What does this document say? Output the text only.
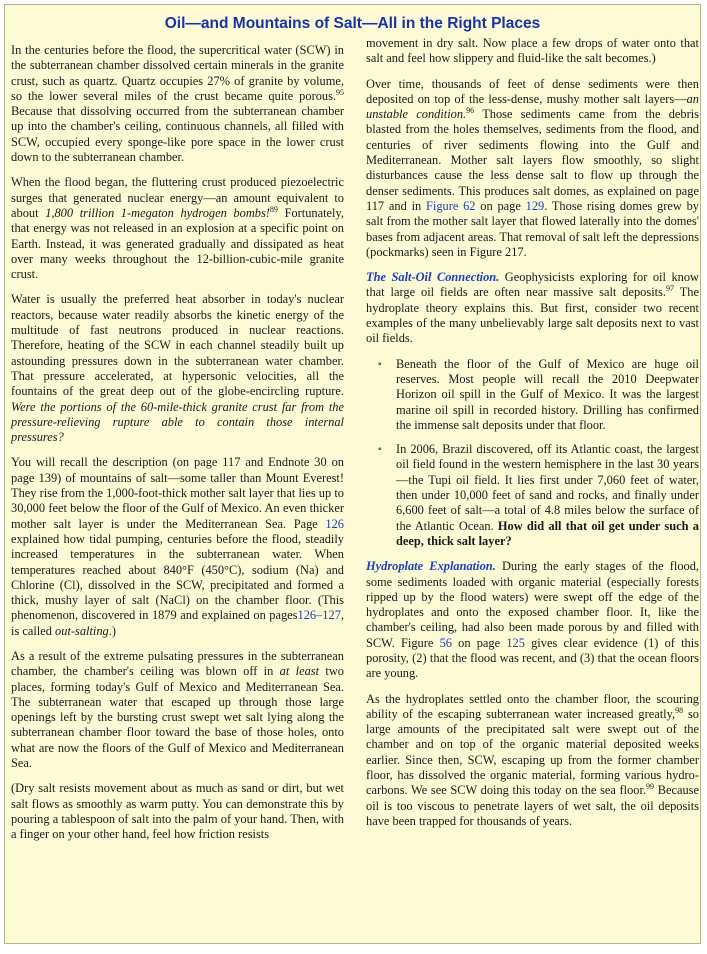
Oil—and Mountains of Salt—All in the Right Places

In the centuries before the flood, the supercritical water (SCW) in the subterranean chamber dissolved certain minerals in the granite crust, such as quartz. Quartz occupies 27% of granite by volume, so the lower several miles of the crust became quite porous.$^{95}$ Because that dissolving occurred from the subterranean chamber up into the chamber's ceiling, continuous channels, all filled with SCW, occupied every sponge-like pore space in the lower crust down to the subterranean chamber.

When the flood began, the fluttering crust produced piezoelectric surges that generated nuclear energy—an amount equivalent to about 1,800 trillion 1-megaton hydrogen bombs!$^{89}$ Fortunately, that energy was not released in an explosion at a specific point on Earth. Instead, it was generated gradually and dissipated as heat over many weeks throughout the 12-billion-cubic-mile granite crust.

Water is usually the preferred heat absorber in today's nuclear reactors, because water readily absorbs the kinetic energy of the multitude of fast neutrons produced in nuclear reactions. Therefore, heating of the SCW in each channel steadily built up astounding pressures down in the subterranean water chamber. That pressure accelerated, at hypersonic velocities, all the fountains of the great deep out of the globe-encircling rupture. Were the portions of the 60-mile-thick granite crust far from the pressure-relieving rupture able to contain those internal pressures?

You will recall the description (on page 117 and Endnote 30 on page 139) of mountains of salt—some taller than Mount Everest! They rise from the 1,000-foot-thick mother salt layer that lies up to 30,000 feet below the floor of the Gulf of Mexico. An even thicker mother salt layer is under the Mediterranean Sea. Page 126 explained how tidal pumping, centuries before the flood, steadily increased temperatures in the subterranean water. When temperatures reached about 840°F (450°C), sodium (Na) and Chlorine (Cl), dissolved in the SCW, precipitated and formed a thick, mushy layer of salt (NaCl) on the chamber floor. (This phenomenon, discovered in 1879 and explained on pages126–127, is called out-salting.)

As a result of the extreme pulsating pressures in the subterranean chamber, the chamber's ceiling was blown off in at least two places, forming today's Gulf of Mexico and Mediterranean Sea. The subterranean water that escaped up through those large openings left by the bursting crust swept wet salt lying along the subterranean chamber floor toward the base of those holes, onto what are now the floors of the Gulf of Mexico and Mediterranean Sea.

(Dry salt resists movement about as much as sand or dirt, but wet salt flows as smoothly as warm putty. You can demonstrate this by pouring a tablespoon of salt into the palm of your hand. Then, with a finger on your other hand, feel how friction resists

movement in dry salt. Now place a few drops of water onto that salt and feel how slippery and fluid-like the salt becomes.)

Over time, thousands of feet of dense sediments were then deposited on top of the less-dense, mushy mother salt layers—an unstable condition.$^{96}$ Those sediments came from the debris blasted from the holes themselves, sediments from the flood, and centuries of river sediments flowing into the Gulf and Mediterranean. Mother salt layers flow smoothly, so slight disturbances cause the less dense salt to flow up through the denser sediments. This produces salt domes, as explained on page 117 and in Figure 62 on page 129. Those rising domes grew by salt from the mother salt layer that flowed laterally into the domes' bases from adjacent areas. That removal of salt left the depressions (pockmarks) seen in Figure 217.

The Salt-Oil Connection. Geophysicists exploring for oil know that large oil fields are often near massive salt deposits.$^{97}$ The hydroplate theory explains this. But first, consider two recent examples of the many unbelievably large salt deposits next to vast oil fields.

▪ Beneath the floor of the Gulf of Mexico are huge oil reserves. Most people will recall the 2010 Deepwater Horizon oil spill in the Gulf of Mexico. It was the largest marine oil spill in recorded history. Drilling has confirmed the immense salt deposits under that floor.
▪ In 2006, Brazil discovered, off its Atlantic coast, the largest oil field found in the western hemisphere in the last 30 years—the Tupi oil field. It lies first under 7,060 feet of water, then under 10,000 feet of sand and rocks, and finally under 6,600 feet of salt—a total of 4.8 miles below the surface of the Atlantic Ocean. How did all that oil get under such a deep, thick salt layer?

Hydroplate Explanation. During the early stages of the flood, some sediments loaded with organic material (especially forests ripped up by the flood waters) were swept off the edge of the hydroplates and onto the exposed chamber floor. It, like the chamber's ceiling, had also been made porous by and filled with SCW. Figure 56 on page 125 gives clear evidence (1) of this porosity, (2) that the flood was recent, and (3) that the ocean floors are young.

As the hydroplates settled onto the chamber floor, the scouring ability of the escaping subterranean water increased greatly,$^{98}$ so large amounts of the precipitated salt were swept out of the chamber and on top of the organic material deposited weeks earlier. Since then, SCW, escaping up from the former chamber floor, has dissolved the organic material, forming various hydro-carbons. We see SCW doing this today on the sea floor.$^{99}$ Because oil is too viscous to penetrate layers of wet salt, the oil deposits have been trapped for thousands of years.
